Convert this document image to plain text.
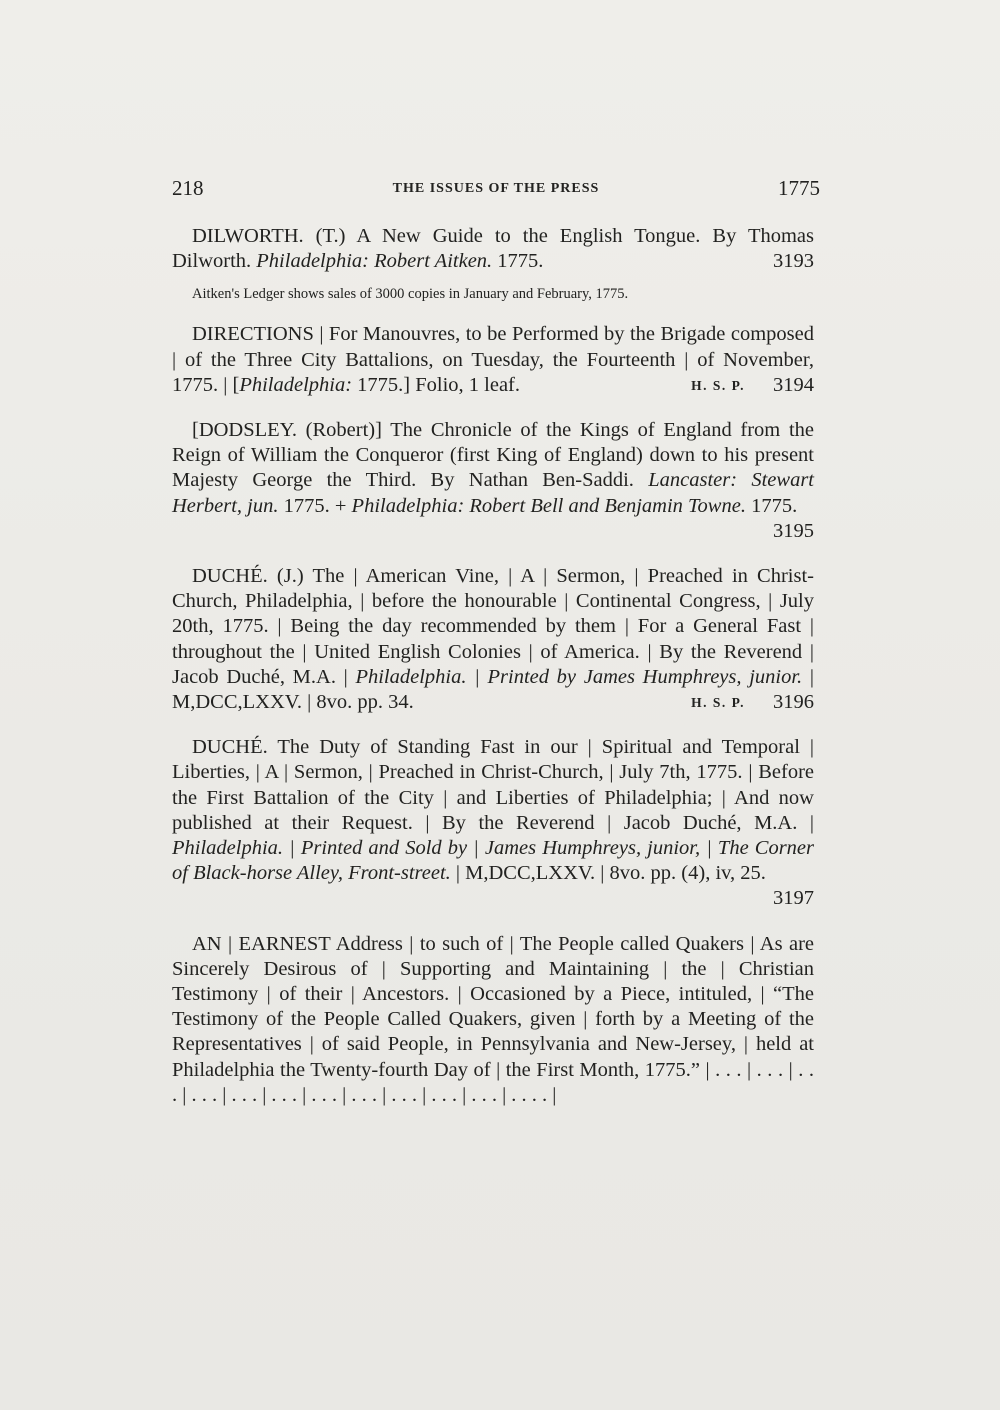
218	THE ISSUES OF THE PRESS	1775

DILWORTH. (T.) A New Guide to the English Tongue. By Thomas Dilworth. Philadelphia: Robert Aitken. 1775.	3193

Aitken's Ledger shows sales of 3000 copies in January and February, 1775.

DIRECTIONS | For Manouvres, to be Performed by the Brigade composed | of the Three City Battalions, on Tuesday, the Fourteenth | of November, 1775. | [Philadelphia: 1775.] Folio, 1 leaf.	3194
H. S. P.

[DODSLEY. (Robert)] The Chronicle of the Kings of England from the Reign of William the Conqueror (first King of England) down to his present Majesty George the Third. By Nathan Ben-Saddi. Lancaster: Stewart Herbert, jun. 1775. + Philadelphia: Robert Bell and Benjamin Towne. 1775.
3195

DUCHÉ. (J.) The | American Vine, | A | Sermon, | Preached in Christ-Church, Philadelphia, | before the honourable | Continental Congress, | July 20th, 1775. | Being the day recommended by them | For a General Fast | throughout the | United English Colonies | of America. | By the Reverend | Jacob Duché, M.A. | Philadelphia. | Printed by James Humphreys, junior. | M,DCC,LXXV. | 8vo. pp. 34.	3196
H. S. P.

DUCHÉ. The Duty of Standing Fast in our | Spiritual and Temporal | Liberties, | A | Sermon, | Preached in Christ-Church, | July 7th, 1775. | Before the First Battalion of the City | and Liberties of Philadelphia; | And now published at their Request. | By the Reverend | Jacob Duché, M.A. | Philadelphia. | Printed and Sold by | James Humphreys, junior, | The Corner of Black-horse Alley, Front-street. | M,DCC,LXXV. | 8vo. pp. (4), iv, 25.
3197

AN | EARNEST Address | to such of | The People called Quakers | As are Sincerely Desirous of | Supporting and Maintaining | the | Christian Testimony | of their | Ancestors. | Occasioned by a Piece, intituled, | “The Testimony of the People Called Quakers, given | forth by a Meeting of the Representatives | of said People, in Pennsylvania and New-Jersey, | held at Philadelphia the Twenty-fourth Day of | the First Month, 1775.” | . . . | . . . | . . . | . . . | . . . | . . . | . . . | . . . | . . . | . . . | . . . | . . . . |
